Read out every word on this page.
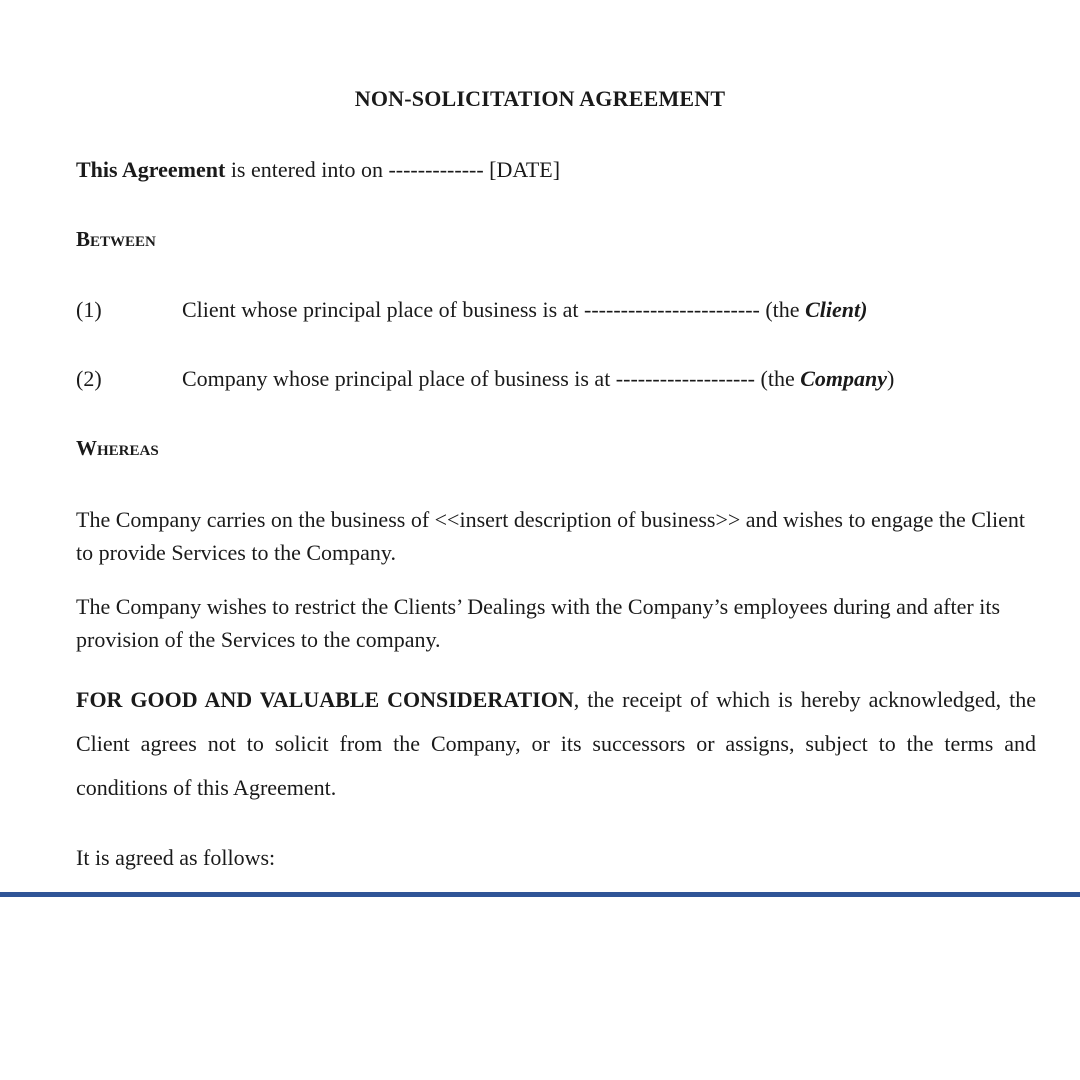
NON-SOLICITATION AGREEMENT
This Agreement is entered into on ------------- [DATE]
Between
(1)	Client whose principal place of business is at ------------------------ (the Client)
(2)	Company whose principal place of business is at ------------------- (the Company)
Whereas
The Company carries on the business of <<insert description of business>> and wishes to engage the Client to provide Services to the Company.
The Company wishes to restrict the Clients’ Dealings with the Company’s employees during and after its provision of the Services to the company.
FOR GOOD AND VALUABLE CONSIDERATION, the receipt of which is hereby acknowledged, the Client agrees not to solicit from the Company, or its successors or assigns, subject to the terms and conditions of this Agreement.
It is agreed as follows:
